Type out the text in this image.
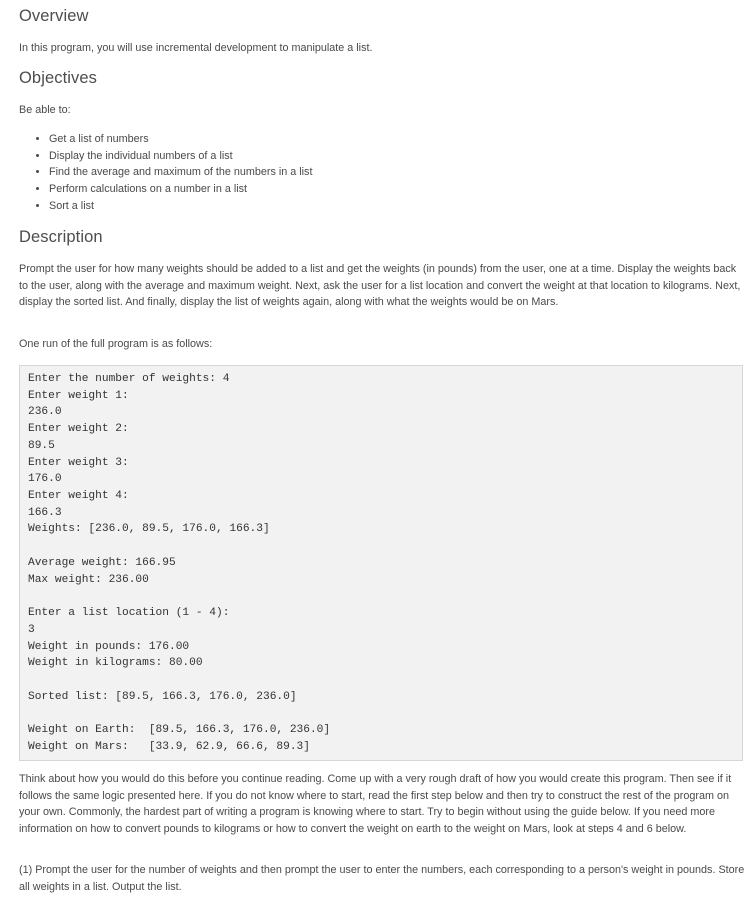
Overview

In this program, you will use incremental development to manipulate a list.

Objectives

Be able to:

• Get a list of numbers
• Display the individual numbers of a list
• Find the average and maximum of the numbers in a list
• Perform calculations on a number in a list
• Sort a list
Description

Prompt the user for how many weights should be added to a list and get the weights (in pounds) from the user, one at a time. Display the weights back to the user, along with the average and maximum weight. Next, ask the user for a list location and convert the weight at that location to kilograms. Next, display the sorted list. And finally, display the list of weights again, along with what the weights would be on Mars.

One run of the full program is as follows:

Enter the number of weights: 4
Enter weight 1:
236.0
Enter weight 2:
89.5
Enter weight 3:
176.0
Enter weight 4:
166.3
Weights: [236.0, 89.5, 176.0, 166.3]
Average weight: 166.95
Max weight: 236.00
Enter a list location (1 - 4):
3
Weight in pounds: 176.00
Weight in kilograms: 80.00
Sorted list: [89.5, 166.3, 176.0, 236.0]
Weight on Earth:  [89.5, 166.3, 176.0, 236.0]
Weight on Mars:   [33.9, 62.9, 66.6, 89.3]

Think about how you would do this before you continue reading. Come up with a very rough draft of how you would create this program. Then see if it follows the same logic presented here. If you do not know where to start, read the first step below and then try to construct the rest of the program on your own. Commonly, the hardest part of writing a program is knowing where to start. Try to begin without using the guide below. If you need more information on how to convert pounds to kilograms or how to convert the weight on earth to the weight on Mars, look at steps 4 and 6 below.

(1) Prompt the user for the number of weights and then prompt the user to enter the numbers, each corresponding to a person's weight in pounds. Store all weights in a list. Output the list.
